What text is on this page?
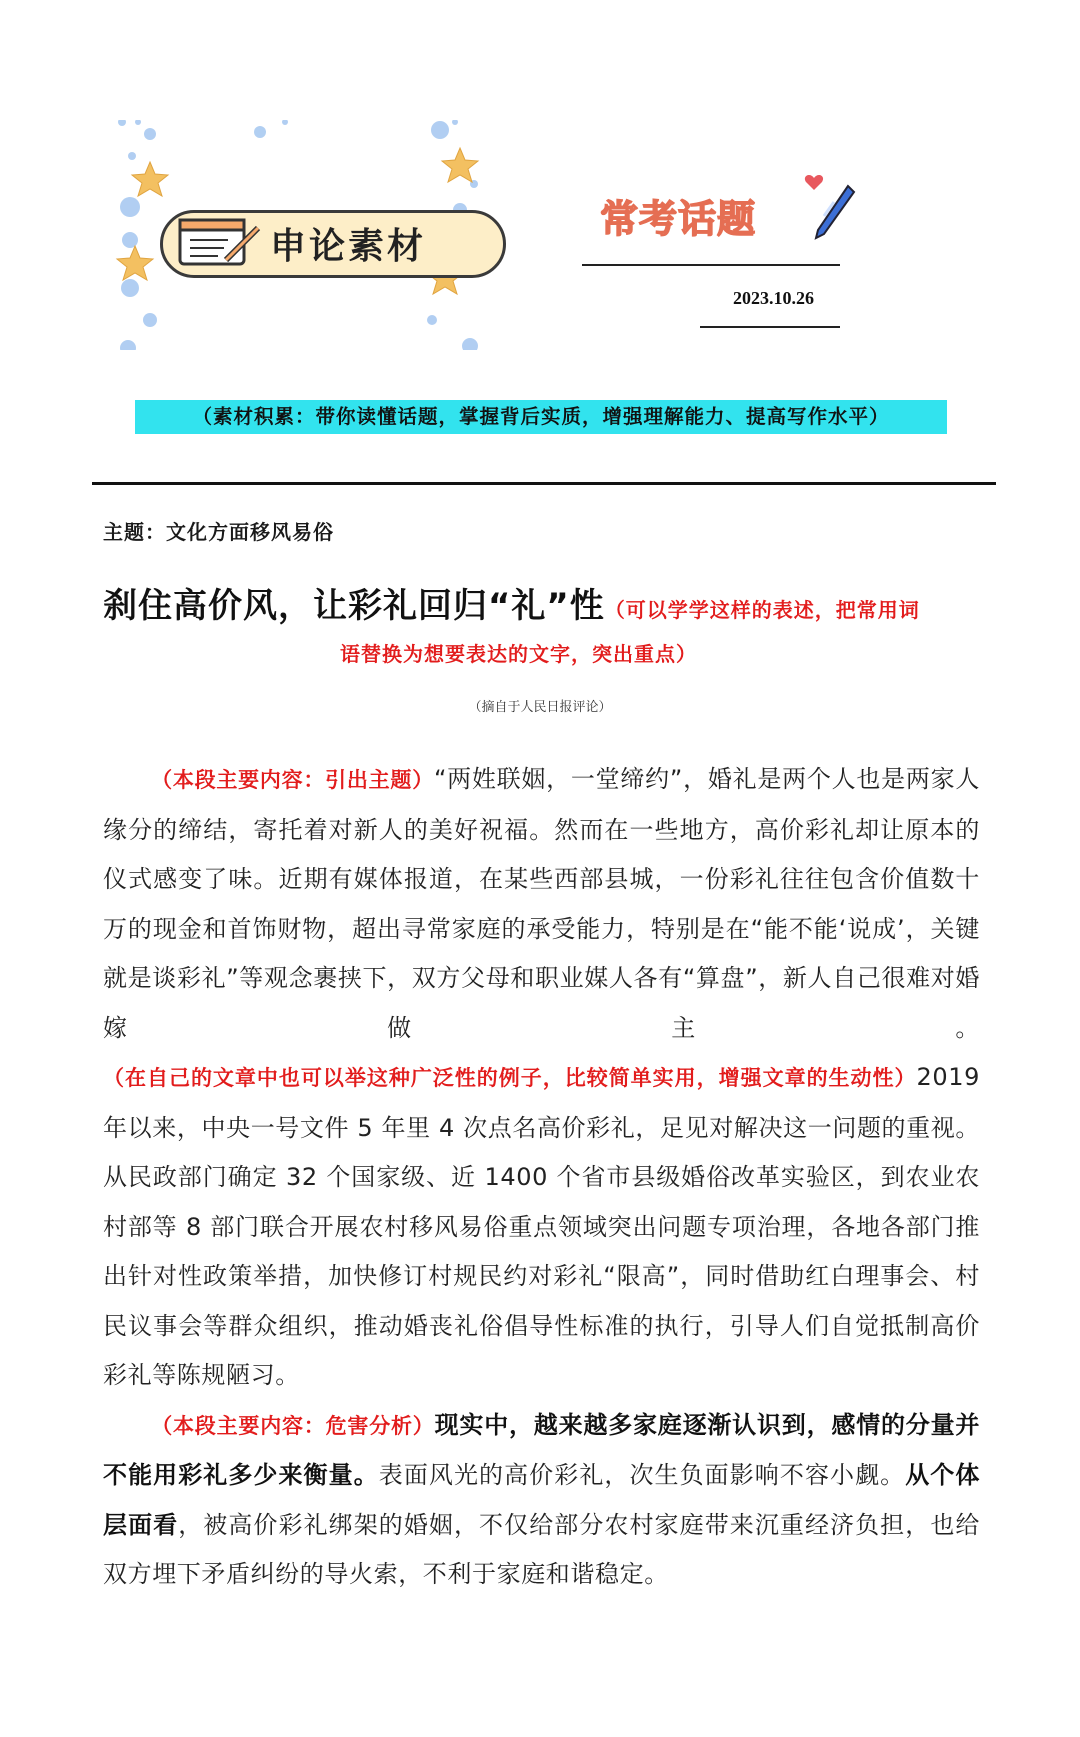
申论素材
常考话题
2023.10.26
（素材积累：带你读懂话题，掌握背后实质，增强理解能力、提高写作水平）
主题：文化方面移风易俗
刹住高价风，让彩礼回归“礼”性（可以学学这样的表述，把常用词
语替换为想要表达的文字，突出重点）
（摘自于人民日报评论）

（本段主要内容：引出主题）“两姓联姻，一堂缔约”，婚礼是两个人也是两家人缘分的缔结，寄托着对新人的美好祝福。然而在一些地方，高价彩礼却让原本的仪式感变了味。近期有媒体报道，在某些西部县城，一份彩礼往往包含价值数十万的现金和首饰财物，超出寻常家庭的承受能力，特别是在“能不能‘说成’，关键就是谈彩礼”等观念裹挟下，双方父母和职业媒人各有“算盘”，新人自己很难对婚嫁做主。（在自己的文章中也可以举这种广泛性的例子，比较简单实用，增强文章的生动性）2019 年以来，中央一号文件 5 年里 4 次点名高价彩礼，足见对解决这一问题的重视。从民政部门确定 32 个国家级、近 1400 个省市县级婚俗改革实验区，到农业农村部等 8 部门联合开展农村移风易俗重点领域突出问题专项治理，各地各部门推出针对性政策举措，加快修订村规民约对彩礼“限高”，同时借助红白理事会、村民议事会等群众组织，推动婚丧礼俗倡导性标准的执行，引导人们自觉抵制高价彩礼等陈规陋习。

（本段主要内容：危害分析）现实中，越来越多家庭逐渐认识到，感情的分量并不能用彩礼多少来衡量。表面风光的高价彩礼，次生负面影响不容小觑。从个体层面看，被高价彩礼绑架的婚姻，不仅给部分农村家庭带来沉重经济负担，也给双方埋下矛盾纠纷的导火索，不利于家庭和谐稳定。
